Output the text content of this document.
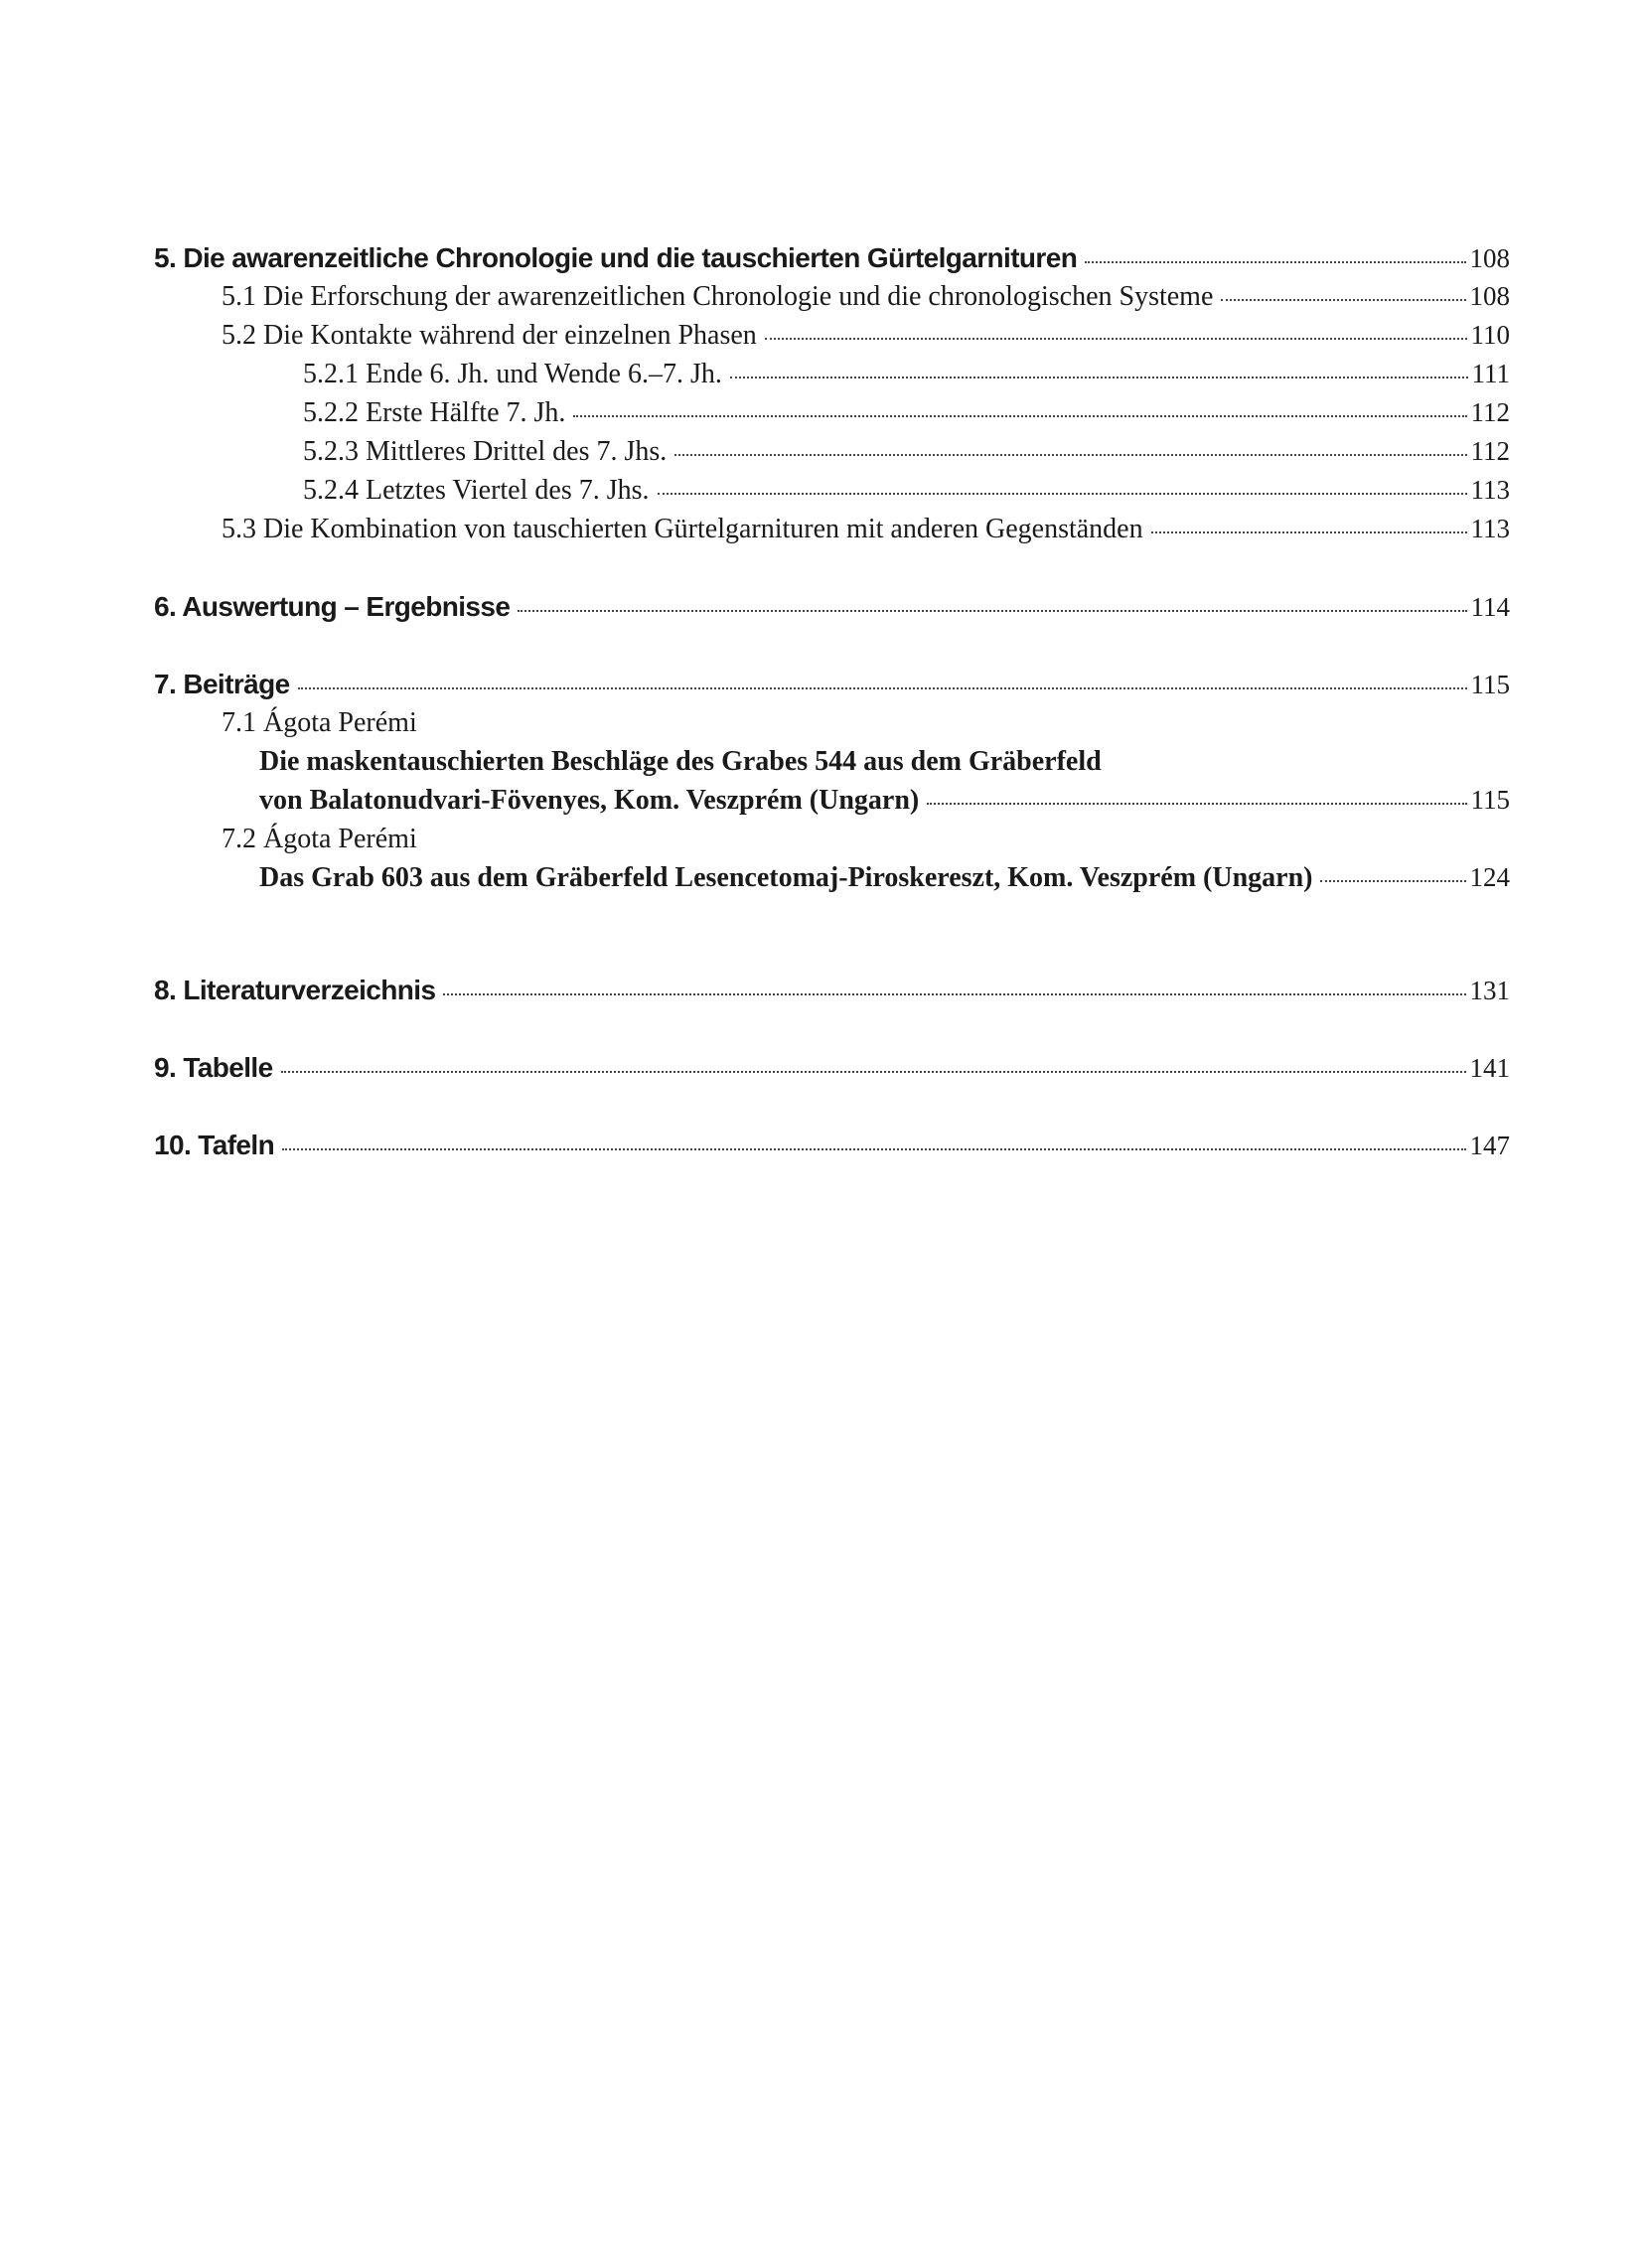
5. Die awarenzeitliche Chronologie und die tauschierten Gürtelgarnituren	108
5.1 Die Erforschung der awarenzeitlichen Chronologie und die chronologischen Systeme	108
5.2 Die Kontakte während der einzelnen Phasen	110
5.2.1 Ende 6. Jh. und Wende 6.–7. Jh.	111
5.2.2 Erste Hälfte 7. Jh.	112
5.2.3 Mittleres Drittel des 7. Jhs.	112
5.2.4 Letztes Viertel des 7. Jhs.	113
5.3 Die Kombination von tauschierten Gürtelgarnituren mit anderen Gegenständen	113
6. Auswertung – Ergebnisse	114
7. Beiträge	115
7.1 Ágota Perémi
Die maskentauschierten Beschläge des Grabes 544 aus dem Gräberfeld
von Balatonudvari-Fövenyes, Kom. Veszprém (Ungarn)	115
7.2 Ágota Perémi
Das Grab 603 aus dem Gräberfeld Lesencetomaj-Piroskereszt, Kom. Veszprém (Ungarn)	124
8. Literaturverzeichnis	131
9. Tabelle	141
10. Tafeln	147
